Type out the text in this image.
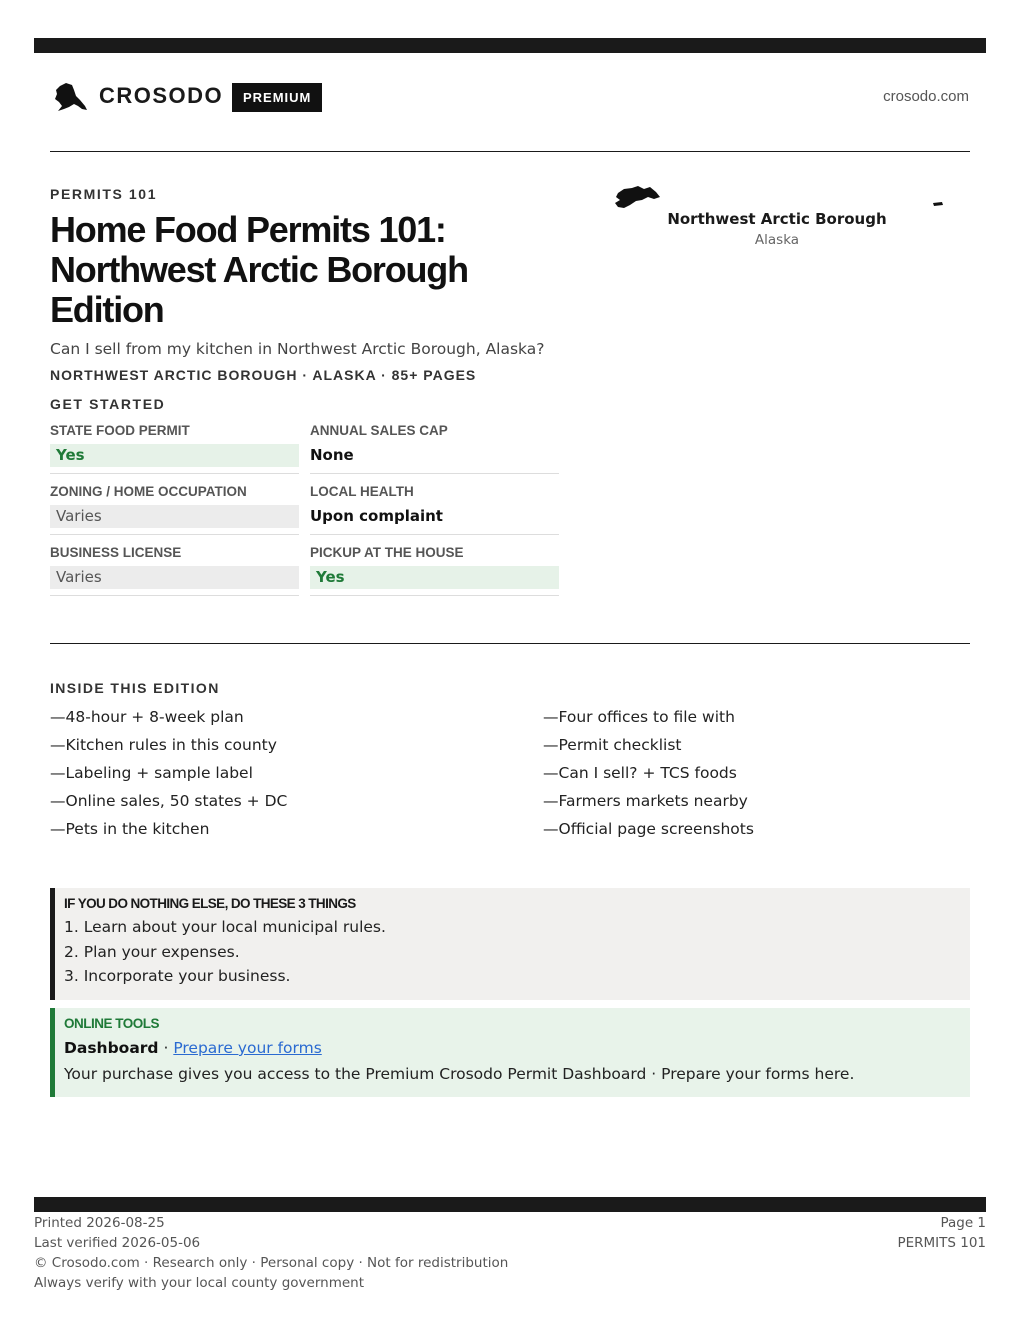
CROSODO	PREMIUM	crosodo.com
PERMITS 101
Home Food Permits 101: Northwest Arctic Borough Edition

Can I sell from my kitchen in Northwest Arctic Borough, Alaska?

NORTHWEST ARCTIC BOROUGH · ALASKA · 85+ PAGES
GET STARTED
STATE FOOD PERMIT
Yes
ANNUAL SALES CAP
None
ZONING / HOME OCCUPATION
Varies
LOCAL HEALTH
Upon complaint
BUSINESS LICENSE
Varies
PICKUP AT THE HOUSE
Yes
Northwest Arctic Borough
Alaska
INSIDE THIS EDITION
—48-hour + 8-week plan
—Kitchen rules in this county
—Labeling + sample label
—Online sales, 50 states + DC
—Pets in the kitchen
—Four offices to file with
—Permit checklist
—Can I sell? + TCS foods
—Farmers markets nearby
—Official page screenshots
IF YOU DO NOTHING ELSE, DO THESE 3 THINGS
1. Learn about your local municipal rules.
2. Plan your expenses.
3. Incorporate your business.
ONLINE TOOLS
Dashboard · Prepare your forms
Your purchase gives you access to the Premium Crosodo Permit Dashboard · Prepare your forms here.
Printed 2026-08-25
Last verified 2026-05-06
© Crosodo.com · Research only · Personal copy · Not for redistribution
Always verify with your local county government
Page 1
PERMITS 101
